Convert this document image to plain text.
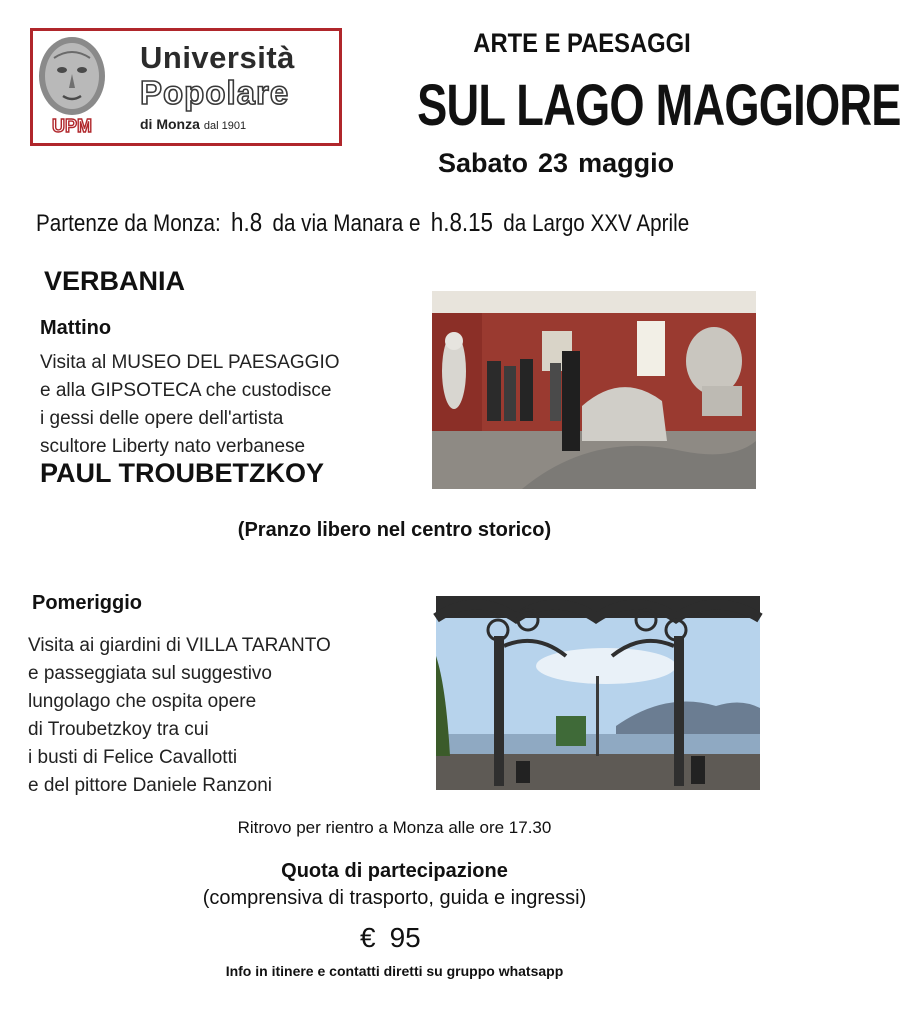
UPM
Università
Popolare
di Monza dal 1901
ARTE E PAESAGGI
SUL LAGO MAGGIORE
Sabato 23 maggio
Partenze da Monza: h.8 da via Manara e h.8.15 da Largo XXV Aprile
VERBANIA
Mattino
Visita al MUSEO DEL PAESAGGIO
e alla GIPSOTECA che custodisce
i gessi delle opere dell'artista
scultore Liberty nato verbanese
PAUL TROUBETZKOY
(Pranzo libero nel centro storico)
Pomeriggio
Visita ai giardini di VILLA TARANTO
e passeggiata sul suggestivo
lungolago che ospita opere
di Troubetzkoy tra cui
i busti di Felice Cavallotti
e del pittore Daniele Ranzoni
Ritrovo per rientro a Monza alle ore 17.30
Quota di partecipazione
(comprensiva di trasporto, guida e ingressi)
€ 95
Info in itinere e contatti diretti su gruppo whatsapp
